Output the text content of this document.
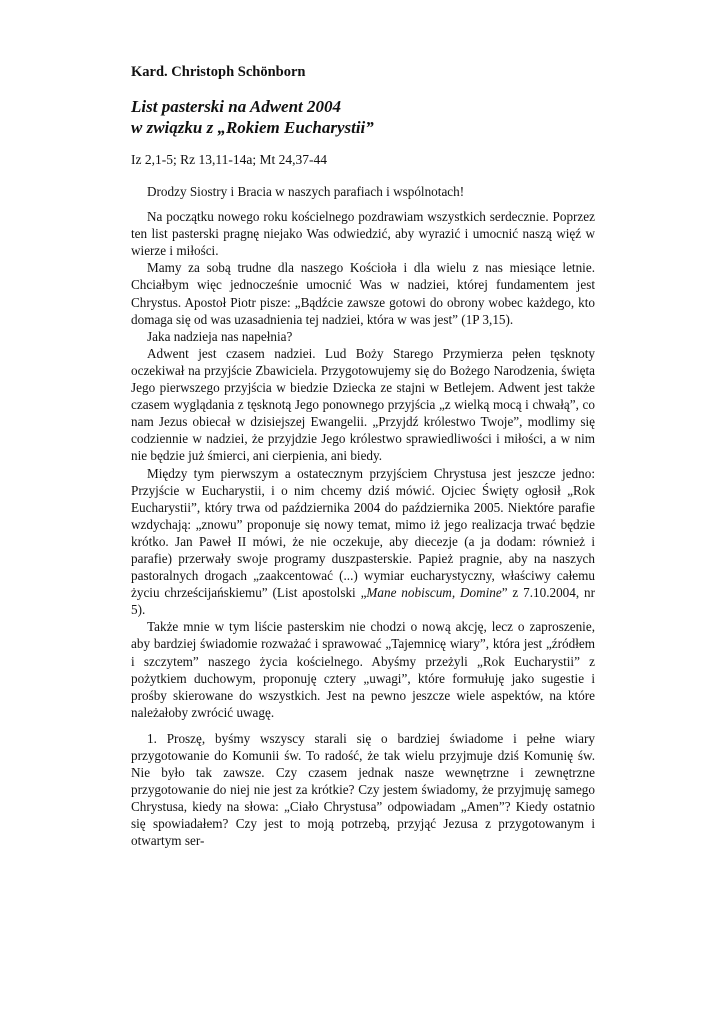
Kard. Christoph Schönborn
List pasterski na Adwent 2004
w związku z „Rokiem Eucharystii”
Iz 2,1-5; Rz 13,11-14a; Mt 24,37-44

Drodzy Siostry i Bracia w naszych parafiach i wspólnotach!

Na początku nowego roku kościelnego pozdrawiam wszystkich serdecznie. Poprzez ten list pasterski pragnę niejako Was odwiedzić, aby wyrazić i umocnić naszą więź w wierze i miłości.

Mamy za sobą trudne dla naszego Kościoła i dla wielu z nas miesiące letnie. Chciałbym więc jednocześnie umocnić Was w nadziei, której fundamentem jest Chrystus. Apostoł Piotr pisze: „Bądźcie zawsze gotowi do obrony wobec każdego, kto domaga się od was uzasadnienia tej nadziei, która w was jest” (1P 3,15).

Jaka nadzieja nas napełnia?

Adwent jest czasem nadziei. Lud Boży Starego Przymierza pełen tęsknoty oczekiwał na przyjście Zbawiciela. Przygotowujemy się do Bożego Narodzenia, święta Jego pierwszego przyjścia w biedzie Dziecka ze stajni w Betlejem. Adwent jest także czasem wyglądania z tęsknotą Jego ponownego przyjścia „z wielką mocą i chwałą”, co nam Jezus obiecał w dzisiejszej Ewangelii. „Przyjdź królestwo Twoje”, modlimy się codziennie w nadziei, że przyjdzie Jego królestwo sprawiedliwości i miłości, a w nim nie będzie już śmierci, ani cierpienia, ani biedy.

Między tym pierwszym a ostatecznym przyjściem Chrystusa jest jeszcze jedno: Przyjście w Eucharystii, i o nim chcemy dziś mówić. Ojciec Święty ogłosił „Rok Eucharystii”, który trwa od października 2004 do października 2005. Niektóre parafie wzdychają: „znowu” proponuje się nowy temat, mimo iż jego realizacja trwać będzie krótko. Jan Paweł II mówi, że nie oczekuje, aby diecezje (a ja dodam: również i parafie) przerwały swoje programy duszpasterskie. Papież pragnie, aby na naszych pastoralnych drogach „zaakcentować (...) wymiar eucharystyczny, właściwy całemu życiu chrześcijańskiemu” (List apostolski „Mane nobiscum, Domine” z 7.10.2004, nr 5).

Także mnie w tym liście pasterskim nie chodzi o nową akcję, lecz o zaproszenie, aby bardziej świadomie rozważać i sprawować „Tajemnicę wiary”, która jest „źródłem i szczytem” naszego życia kościelnego. Abyśmy przeżyli „Rok Eucharystii” z pożytkiem duchowym, proponuję cztery „uwagi”, które formułuję jako sugestie i prośby skierowane do wszystkich. Jest na pewno jeszcze wiele aspektów, na które należałoby zwrócić uwagę.

1. Proszę, byśmy wszyscy starali się o bardziej świadome i pełne wiary przygotowanie do Komunii św. To radość, że tak wielu przyjmuje dziś Komunię św. Nie było tak zawsze. Czy czasem jednak nasze wewnętrzne i zewnętrzne przygotowanie do niej nie jest za krótkie? Czy jestem świadomy, że przyjmuję samego Chrystusa, kiedy na słowa: „Ciało Chrystusa” odpowiadam „Amen”? Kiedy ostatnio się spowiadałem? Czy jest to moją potrzebą, przyjąć Jezusa z przygotowanym i otwartym ser-
